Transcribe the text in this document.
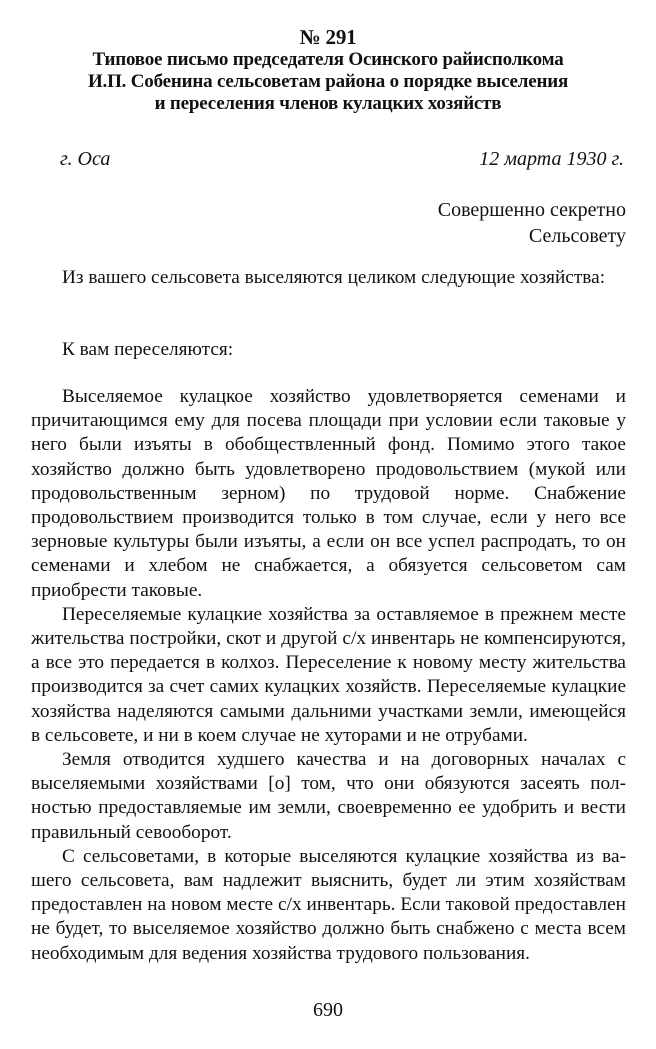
№ 291
Типовое письмо председателя Осинского райисполкома
И.П. Собенина сельсоветам района о порядке выселения
и переселения членов кулацких хозяйств
г. Оса	12 марта 1930 г.
Совершенно секретно
Сельсовету

Из вашего сельсовета выселяются целиком следующие хозяйства:

К вам переселяются:

Выселяемое кулацкое хозяйство удовлетворяется семенами и причитающимся ему для посева площади при условии если таковые у него были изъяты в обобществленный фонд. Помимо этого такое хозяйство должно быть удовлетворено продовольствием (мукой или продовольственным зерном) по трудовой норме. Снабжение продовольствием производится только в том случае, если у него все зерновые культуры были изъяты, а если он все успел распродать, то он семенами и хлебом не снабжается, а обязуется сельсоветом сам приобрести таковые.

Переселяемые кулацкие хозяйства за оставляемое в прежнем месте жительства постройки, скот и другой с/х инвентарь не компенсируются, а все это передается в колхоз. Переселение к новому месту жительства производится за счет самих кулацких хозяйств. Переселяемые кулацкие хозяйства наделяются самыми дальними участками земли, имеющейся в сельсовете, и ни в коем случае не хуторами и не отрубами.

Земля отводится худшего качества и на договорных началах с выселяемыми хозяйствами [о] том, что они обязуются засеять полностью предоставляемые им земли, своевременно ее удобрить и вести правильный севооборот.

С сельсоветами, в которые выселяются кулацкие хозяйства из вашего сельсовета, вам надлежит выяснить, будет ли этим хозяйствам предоставлен на новом месте с/х инвентарь. Если таковой предоставлен не будет, то выселяемое хозяйство должно быть снабжено с места всем необходимым для ведения хозяйства трудового пользования.

690
